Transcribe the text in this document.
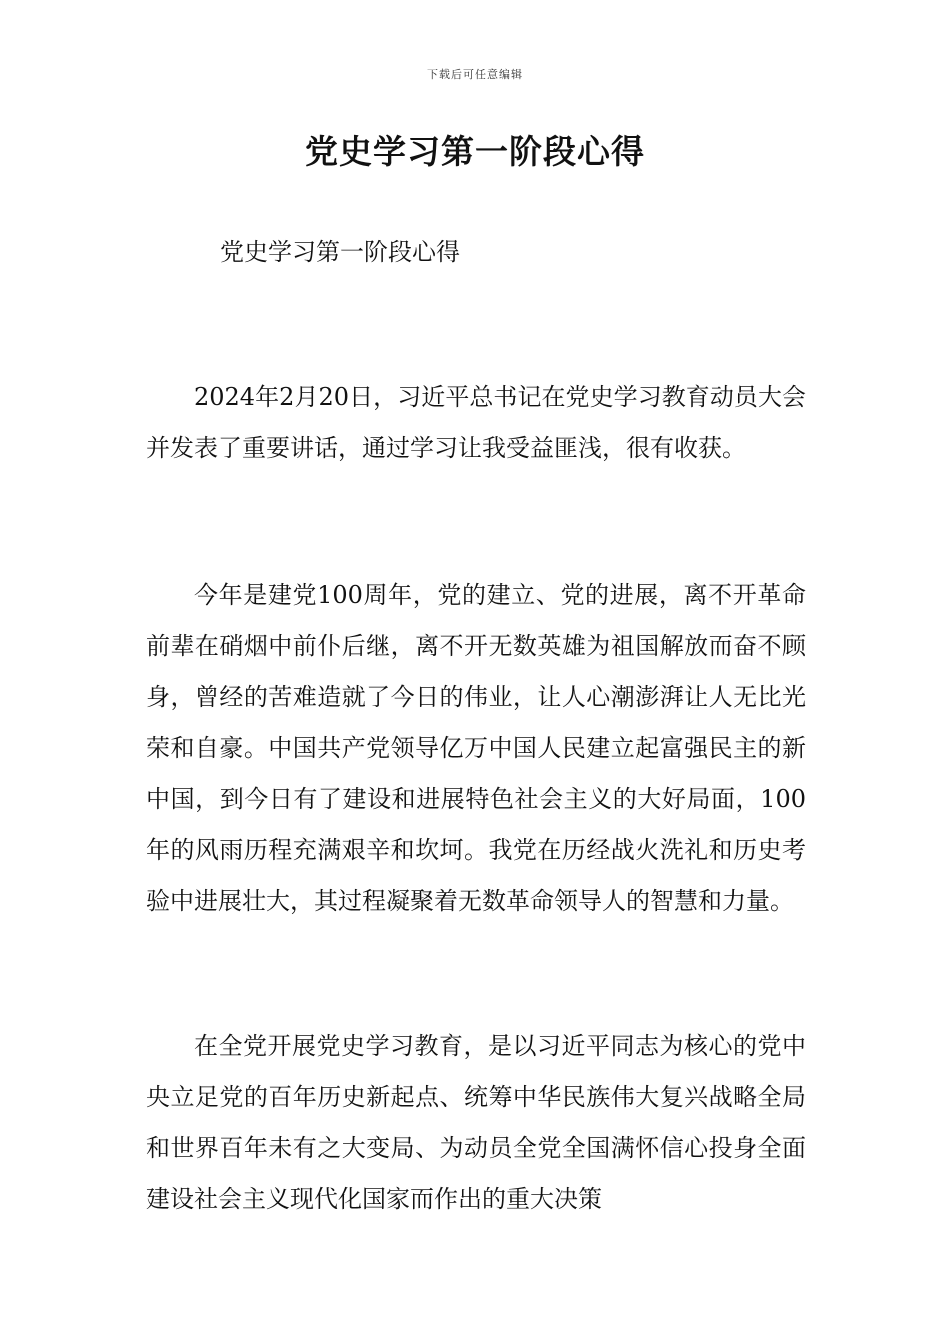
下载后可任意编辑
党史学习第一阶段心得

党史学习第一阶段心得

2024年2月20日，习近平总书记在党史学习教育动员大会并发表了重要讲话，通过学习让我受益匪浅，很有收获。

今年是建党100周年，党的建立、党的进展，离不开革命前辈在硝烟中前仆后继，离不开无数英雄为祖国解放而奋不顾身，曾经的苦难造就了今日的伟业，让人心潮澎湃让人无比光荣和自豪。中国共产党领导亿万中国人民建立起富强民主的新中国，到今日有了建设和进展特色社会主义的大好局面，100年的风雨历程充满艰辛和坎坷。我党在历经战火洗礼和历史考验中进展壮大，其过程凝聚着无数革命领导人的智慧和力量。

在全党开展党史学习教育，是以习近平同志为核心的党中央立足党的百年历史新起点、统筹中华民族伟大复兴战略全局和世界百年未有之大变局、为动员全党全国满怀信心投身全面建设社会主义现代化国家而作出的重大决策
